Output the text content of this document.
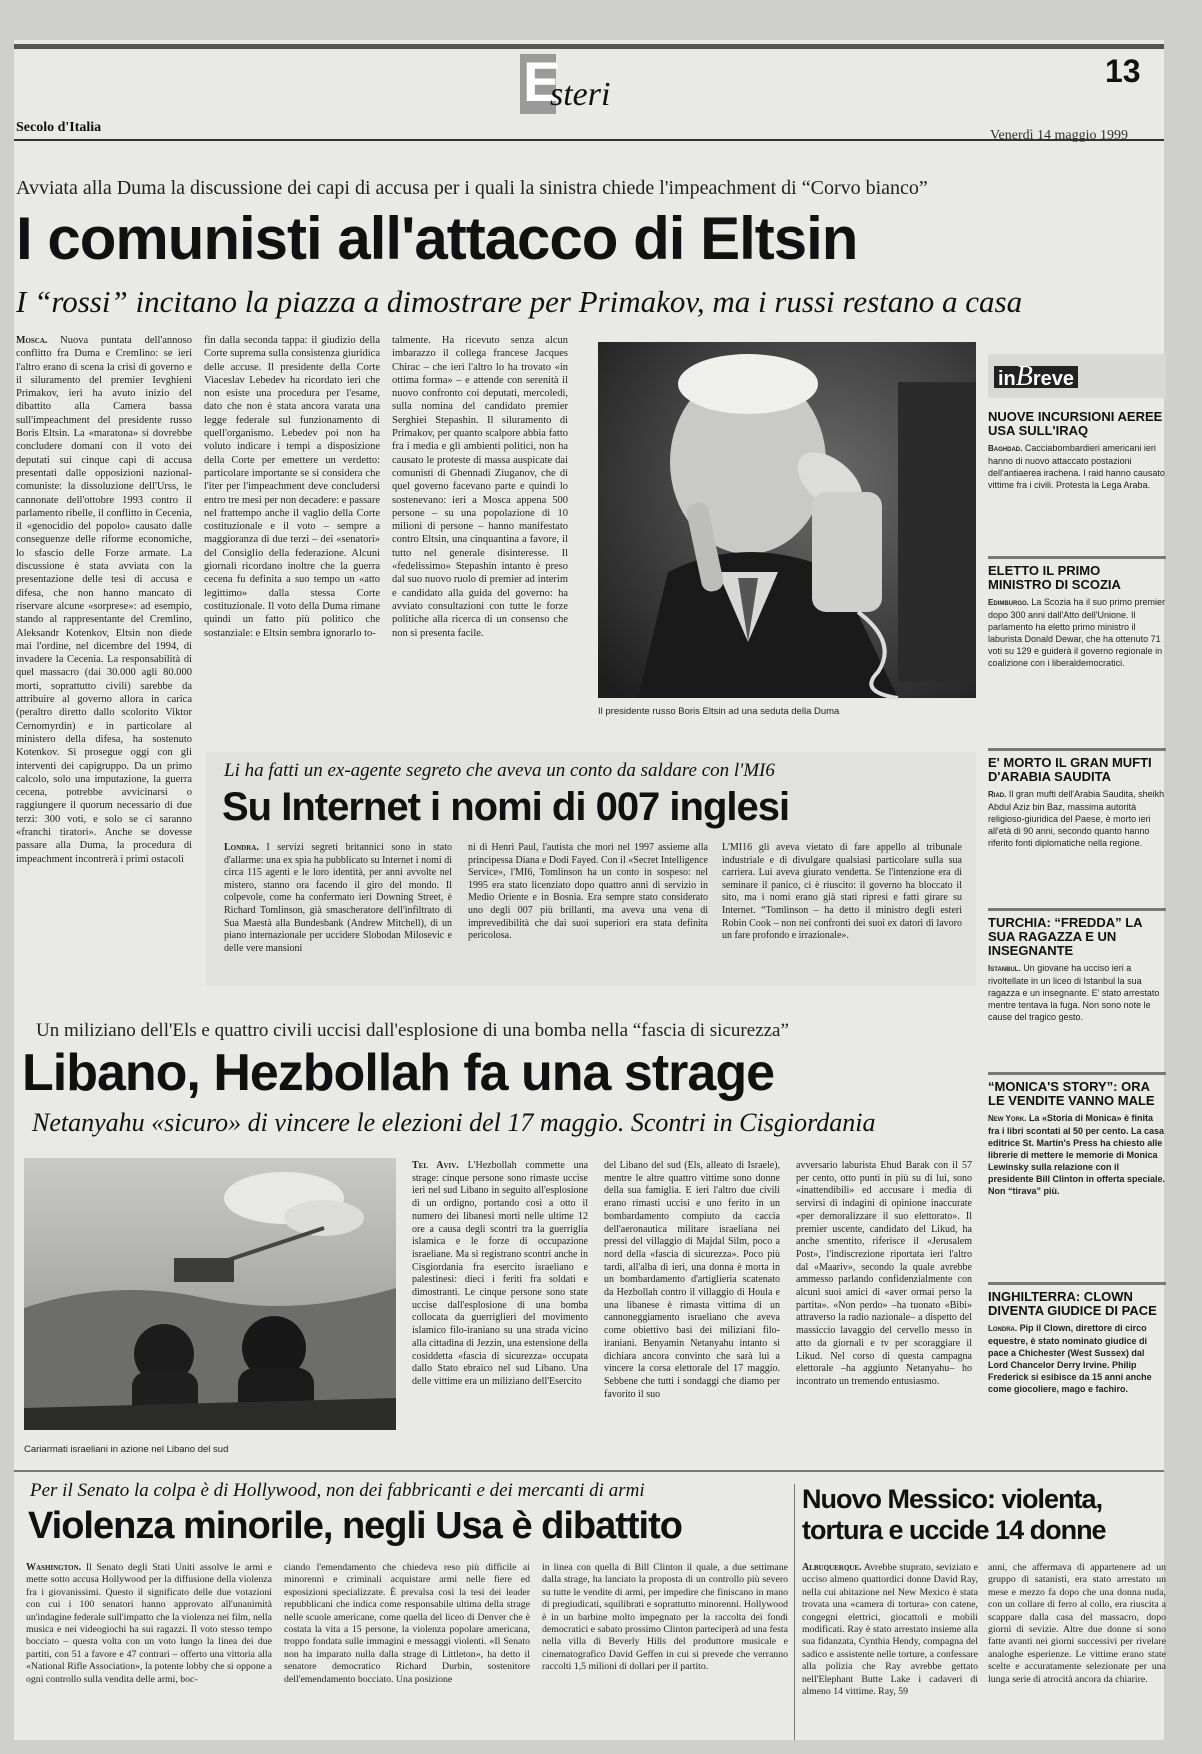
E
steri
13
Secolo d'Italia
Venerdì 14 maggio 1999
Avviata alla Duma la discussione dei capi di accusa per i quali la sinistra chiede l'impeachment di “Corvo bianco”
I comunisti all'attacco di Eltsin
I “rossi” incitano la piazza a dimostrare per Primakov, ma i russi restano a casa
Mosca. Nuova puntata dell'annoso conflitto fra Duma e Cremlino: se ieri l'altro erano di scena la crisi di governo e il siluramento del premier Ievghieni Primakov, ieri ha avuto inizio del dibattito alla Camera bassa sull'impeachment del presidente russo Boris Eltsin. La «maratona» si dovrebbe concludere domani con il voto dei deputati sui cinque capi di accusa presentati dalle opposizioni nazional-comuniste: la dissoluzione dell'Urss, le cannonate dell'ottobre 1993 contro il parlamento ribelle, il conflitto in Cecenia, il «genocidio del popolo» causato dalle conseguenze delle riforme economiche, lo sfascio delle Forze armate. La discussione è stata avviata con la presentazione delle tesi di accusa e difesa, che non hanno mancato di riservare alcune «sorprese»: ad esempio, stando al rappresentante del Cremlino, Aleksandr Kotenkov, Eltsin non diede mai l'ordine, nel dicembre del 1994, di invadere la Cecenia. La responsabilità di quel massacro (dai 30.000 agli 80.000 morti, soprattutto civili) sarebbe da attribuire al governo allora in carica (peraltro diretto dallo scolorito Viktor Cernomyrdin) e in particolare al ministero della difesa, ha sostenuto Kotenkov. Si prosegue oggi con gli interventi dei capigruppo. Da un primo calcolo, solo una imputazione, la guerra cecena, potrebbe avvicinarsi o raggiungere il quorum necessario di due terzi: 300 voti, e solo se ci saranno «franchi tiratori». Anche se dovesse passare alla Duma, la procedura di impeachment incontrerà i primi ostacoli
fin dalla seconda tappa: il giudizio della Corte suprema sulla consistenza giuridica delle accuse. Il presidente della Corte Viaceslav Lebedev ha ricordato ieri che non esiste una procedura per l'esame, dato che non è stata ancora varata una legge federale sul funzionamento di quell'organismo. Lebedev poi non ha voluto indicare i tempi a disposizione della Corte per emettere un verdetto: particolare importante se si considera che l'iter per l'impeachment deve concludersi entro tre mesi per non decadere: e passare nel frattempo anche il vaglio della Corte costituzionale e il voto – sempre a maggioranza di due terzi – dei «senatori» del Consiglio della federazione. Alcuni giornali ricordano inoltre che la guerra cecena fu definita a suo tempo un «atto legittimo» dalla stessa Corte costituzionale. Il voto della Duma rimane quindi un fatto più politico che sostanziale: e Eltsin sembra ignorarlo to-
talmente. Ha ricevuto senza alcun imbarazzo il collega francese Jacques Chirac – che ieri l'altro lo ha trovato «in ottima forma» – e attende con serenità il nuovo confronto coi deputati, mercoledì, sulla nomina del candidato premier Serghiei Stepashin. Il siluramento di Primakov, per quanto scalpore abbia fatto fra i media e gli ambienti politici, non ha causato le proteste di massa auspicate dai comunisti di Ghennadi Ziuganov, che di quel governo facevano parte e quindi lo sostenevano: ieri a Mosca appena 500 persone – su una popolazione di 10 milioni di persone – hanno manifestato contro Eltsin, una cinquantina a favore, il tutto nel generale disinteresse. Il «fedelissimo» Stepashin intanto è preso dal suo nuovo ruolo di premier ad interim e candidato alla guida del governo: ha avviato consultazioni con tutte le forze politiche alla ricerca di un consenso che non si presenta facile.
Il presidente russo Boris Eltsin ad una seduta della Duma
inBreve
NUOVE INCURSIONI AEREE USA SULL'IRAQ
Baghdad. Cacciabombardieri americani ieri hanno di nuovo attaccato postazioni dell'antiaerea irachena. I raid hanno causato vittime fra i civili. Protesta la Lega Araba.
ELETTO IL PRIMO MINISTRO DI SCOZIA
Edimburgo. La Scozia ha il suo primo premier dopo 300 anni dall'Atto dell'Unione. Il parlamento ha eletto primo ministro il laburista Donald Dewar, che ha ottenuto 71 voti su 129 e guiderà il governo regionale in coalizione con i liberaldemocratici.
E' MORTO IL GRAN MUFTI D'ARABIA SAUDITA
Riad. Il gran mufti dell'Arabia Saudita, sheikh Abdul Aziz bin Baz, massima autorità religioso-giuridica del Paese, è morto ieri all'età di 90 anni, secondo quanto hanno riferito fonti diplomatiche nella regione.
TURCHIA: “FREDDA” LA SUA RAGAZZA E UN INSEGNANTE
Istanbul. Un giovane ha ucciso ieri a rivoltellate in un liceo di Istanbul la sua ragazza e un insegnante. E' stato arrestato mentre tentava la fuga. Non sono note le cause del tragico gesto.
“MONICA'S STORY”: ORA LE VENDITE VANNO MALE
New York. La «Storia di Monica» è finita fra i libri scontati al 50 per cento. La casa editrice St. Martin's Press ha chiesto alle librerie di mettere le memorie di Monica Lewinsky sulla relazione con il presidente Bill Clinton in offerta speciale. Non “tirava” più.
INGHILTERRA: CLOWN DIVENTA GIUDICE DI PACE
Londra. Pip il Clown, direttore di circo equestre, è stato nominato giudice di pace a Chichester (West Sussex) dal Lord Chancelor Derry Irvine. Philip Frederick si esibisce da 15 anni anche come giocoliere, mago e fachiro.
Li ha fatti un ex-agente segreto che aveva un conto da saldare con l'MI6
Su Internet i nomi di 007 inglesi
Londra. I servizi segreti britannici sono in stato d'allarme: una ex spia ha pubblicato su Internet i nomi di circa 115 agenti e le loro identità, per anni avvolte nel mistero, stanno ora facendo il giro del mondo. Il colpevole, come ha confermato ieri Downing Street, è Richard Tomlinson, già smascheratore dell'infiltrato di Sua Maestà alla Bundesbank (Andrew Mitchell), di un piano internazionale per uccidere Slobodan Milosevic e delle vere mansioni
ni di Henri Paul, l'autista che morì nel 1997 assieme alla principessa Diana e Dodi Fayed. Con il «Secret Intelligence Service», l'MI6, Tomlinson ha un conto in sospeso: nel 1995 era stato licenziato dopo quattro anni di servizio in Medio Oriente e in Bosnia. Era sempre stato considerato uno degli 007 più brillanti, ma aveva una vena di imprevedibilità che dai suoi superiori era stata definita pericolosa.
L'MI16 gli aveva vietato di fare appello al tribunale industriale e di divulgare qualsiasi particolare sulla sua carriera. Lui aveva giurato vendetta. Se l'intenzione era di seminare il panico, ci è riuscito: il governo ha bloccato il sito, ma i nomi erano già stati ripresi e fatti girare su Internet. “Tomlinson – ha detto il ministro degli esteri Robin Cook – non nei confronti dei suoi ex datori di lavoro un fare profondo e irrazionale».
Un miliziano dell'Els e quattro civili uccisi dall'esplosione di una bomba nella “fascia di sicurezza”
Libano, Hezbollah fa una strage
Netanyahu «sicuro» di vincere le elezioni del 17 maggio. Scontri in Cisgiordania
Cariarmati israeliani in azione nel Libano del sud
Tel Aviv. L'Hezbollah commette una strage: cinque persone sono rimaste uccise ieri nel sud Libano in seguito all'esplosione di un ordigno, portando così a otto il numero dei libanesi morti nelle ultime 12 ore a causa degli scontri tra la guerriglia islamica e le forze di occupazione israeliane. Ma si registrano scontri anche in Cisgiordania fra esercito israeliano e palestinesi: dieci i feriti fra soldati e dimostranti. Le cinque persone sono state uccise dall'esplosione di una bomba collocata da guerriglieri del movimento islamico filo-iraniano su una strada vicino alla cittadina di Jezzin, una estensione della cosiddetta «fascia di sicurezza» occupata dallo Stato ebraico nel sud Libano. Una delle vittime era un miliziano dell'Esercito
del Libano del sud (Els, alleato di Israele), mentre le altre quattro vittime sono donne della sua famiglia. E ieri l'altro due civili erano rimasti uccisi e uno ferito in un bombardamento compiuto da caccia dell'aeronautica militare israeliana nei pressi del villaggio di Majdal Silm, poco a nord della «fascia di sicurezza». Poco più tardi, all'alba di ieri, una donna è morta in un bombardamento d'artiglieria scatenato da Hezbollah contro il villaggio di Houla e una libanese è rimasta vittima di un cannoneggiamento israeliano che aveva come obiettivo basi dei miliziani filo-iraniani. Benyamin Netanyahu intanto si dichiara ancora convinto che sarà lui a vincere la corsa elettorale del 17 maggio. Sebbene che tutti i sondaggi che diamo per favorito il suo
avversario laburista Ehud Barak con il 57 per cento, otto punti in più su di lui, sono «inattendibili» ed accusare i media di servirsi di indagini di opinione inaccurate «per demoralizzare il suo elettorato». Il premier uscente, candidato del Likud, ha anche smentito, riferisce il «Jerusalem Post», l'indiscrezione riportata ieri l'altro dal «Maariv», secondo la quale avrebbe ammesso parlando confidenzialmente con alcuni suoi amici di «aver ormai perso la partita». «Non perdo» –ha tuonato «Bibi» attraverso la radio nazionale– a dispetto del massiccio lavaggio del cervello messo in atto da giornali e tv per scoraggiare il Likud. Nel corso di questa campagna elettorale –ha aggiunto Netanyahu– ho incontrato un tremendo entusiasmo.
Per il Senato la colpa è di Hollywood, non dei fabbricanti e dei mercanti di armi
Violenza minorile, negli Usa è dibattito
Washington. Il Senato degli Stati Uniti assolve le armi e mette sotto accusa Hollywood per la diffusione della violenza fra i giovanissimi. Questo il significato delle due votazioni con cui i 100 senatori hanno approvato all'unanimità un'indagine federale sull'impatto che la violenza nei film, nella musica e nei videogiochi ha sui ragazzi. Il voto stesso tempo bocciato – questa volta con un voto lungo la linea dei due partiti, con 51 a favore e 47 contrari – offerto una vittoria alla «National Rifle Association», la potente lobby che si oppone a ogni controllo sulla vendita delle armi, boc-
ciando l'emendamento che chiedeva reso più difficile ai minorenni e criminali acquistare armi nelle fiere ed esposizioni specializzate. È prevalsa così la tesi dei leader repubblicani che indica come responsabile ultima della strage nelle scuole americane, come quella del liceo di Denver che è costata la vita a 15 persone, la violenza popolare americana, troppo fondata sulle immagini e messaggi violenti. «Il Senato non ha imparato nulla dalla strage di Littleton», ha detto il senatore democratico Richard Durbin, sostenitore dell'emendamento bocciato. Una posizione
in linea con quella di Bill Clinton il quale, a due settimane dalla strage, ha lanciato la proposta di un controllo più severo su tutte le vendite di armi, per impedire che finiscano in mano di pregiudicati, squilibrati e soprattutto minorenni. Hollywood è in un barbine molto impegnato per la raccolta dei fondi democratici e sabato prossimo Clinton parteciperà ad una festa nella villa di Beverly Hills del produttore musicale e cinematografico David Geffen in cui si prevede che verranno raccolti 1,5 milioni di dollari per il partito.
Nuovo Messico: violenta,
tortura e uccide 14 donne
Albuquerque. Avrebbe stuprato, seviziato e ucciso almeno quattordici donne David Ray, nella cui abitazione nel New Mexico è stata trovata una «camera di tortura» con catene, congegni elettrici, giocattoli e mobili modificati. Ray è stato arrestato insieme alla sua fidanzata, Cynthia Hendy, compagna del sadico e assistente nelle torture, a confessare alla polizia che Ray avrebbe gettato nell'Elephant Butte Lake i cadaveri di almeno 14 vittime. Ray, 59
anni, che affermava di appartenere ad un gruppo di satanisti, era stato arrestato un mese e mezzo fa dopo che una donna nuda, con un collare di ferro al collo, era riuscita a scappare dalla casa del massacro, dopo giorni di sevizie. Altre due donne si sono fatte avanti nei giorni successivi per rivelare analoghe esperienze. Le vittime erano state scelte e accuratamente selezionate per una lunga serie di atrocità ancora da chiarire.
